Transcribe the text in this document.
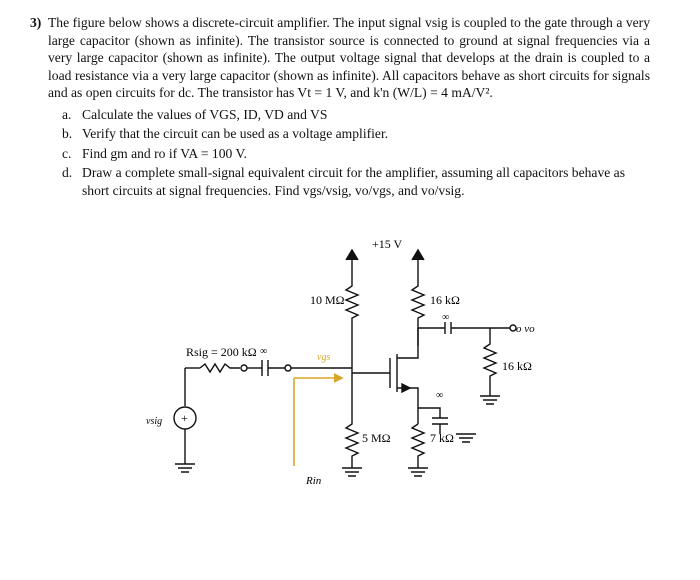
3) The figure below shows a discrete-circuit amplifier. The input signal vsig is coupled to the gate through a very large capacitor (shown as infinite). The transistor source is connected to ground at signal frequencies via a very large capacitor (shown as infinite). The output voltage signal that develops at the drain is coupled to a load resistance via a very large capacitor (shown as infinite). All capacitors behave as short circuits for signals and as open circuits for dc. The transistor has Vt = 1 V, and k'n (W/L) = 4 mA/V².
a. Calculate the values of VGS, ID, VD and VS
b. Verify that the circuit can be used as a voltage amplifier.
c. Find gm and ro if VA = 100 V.
d. Draw a complete small-signal equivalent circuit for the amplifier, assuming all capacitors behave as short circuits at signal frequencies. Find vgs/vsig, vo/vgs, and vo/vsig.
+15 V
10 MΩ	16 kΩ
Rsig = 200 kΩ
5 MΩ	7 kΩ
16 kΩ
∞
∞
∞
vgs
o vo
vsig +
Rin
